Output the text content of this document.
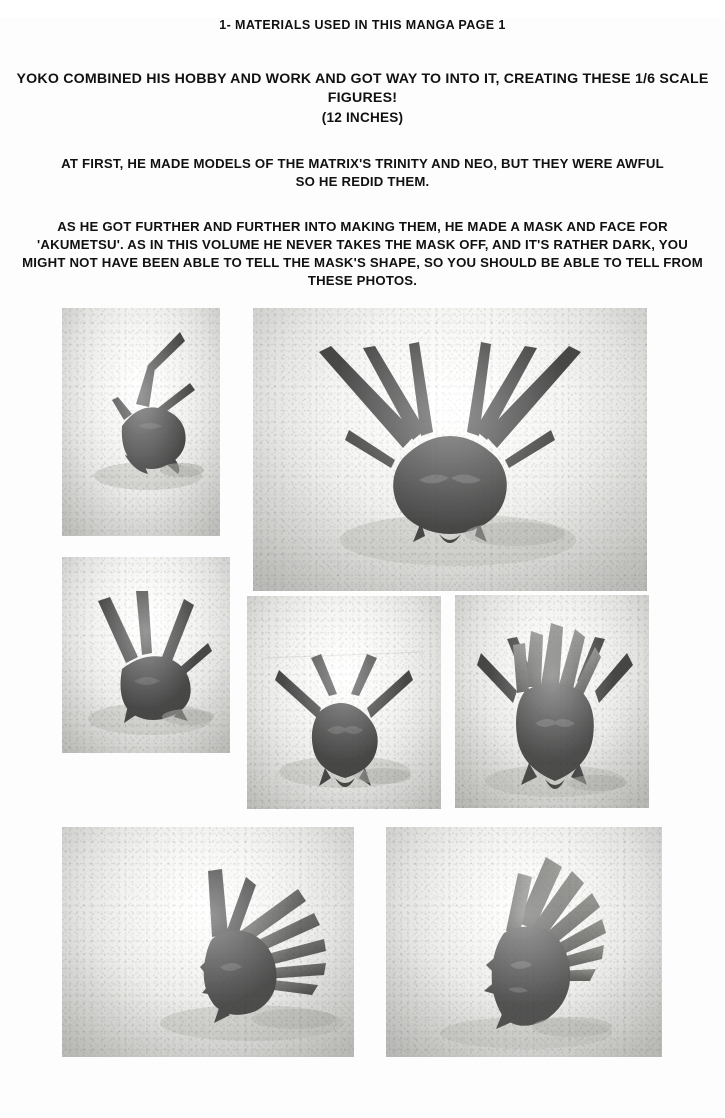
1- MATERIALS USED IN THIS MANGA PAGE 1
YOKO COMBINED HIS HOBBY AND WORK AND GOT WAY TO INTO IT, CREATING THESE 1/6 SCALE FIGURES!
(12 INCHES)
AT FIRST, HE MADE MODELS OF THE MATRIX'S TRINITY AND NEO, BUT THEY WERE AWFUL SO HE REDID THEM.
AS HE GOT FURTHER AND FURTHER INTO MAKING THEM, HE MADE A MASK AND FACE FOR 'AKUMETSU'. AS IN THIS VOLUME HE NEVER TAKES THE MASK OFF, AND IT'S RATHER DARK, YOU MIGHT NOT HAVE BEEN ABLE TO TELL THE MASK'S SHAPE, SO YOU SHOULD BE ABLE TO TELL FROM THESE PHOTOS.
